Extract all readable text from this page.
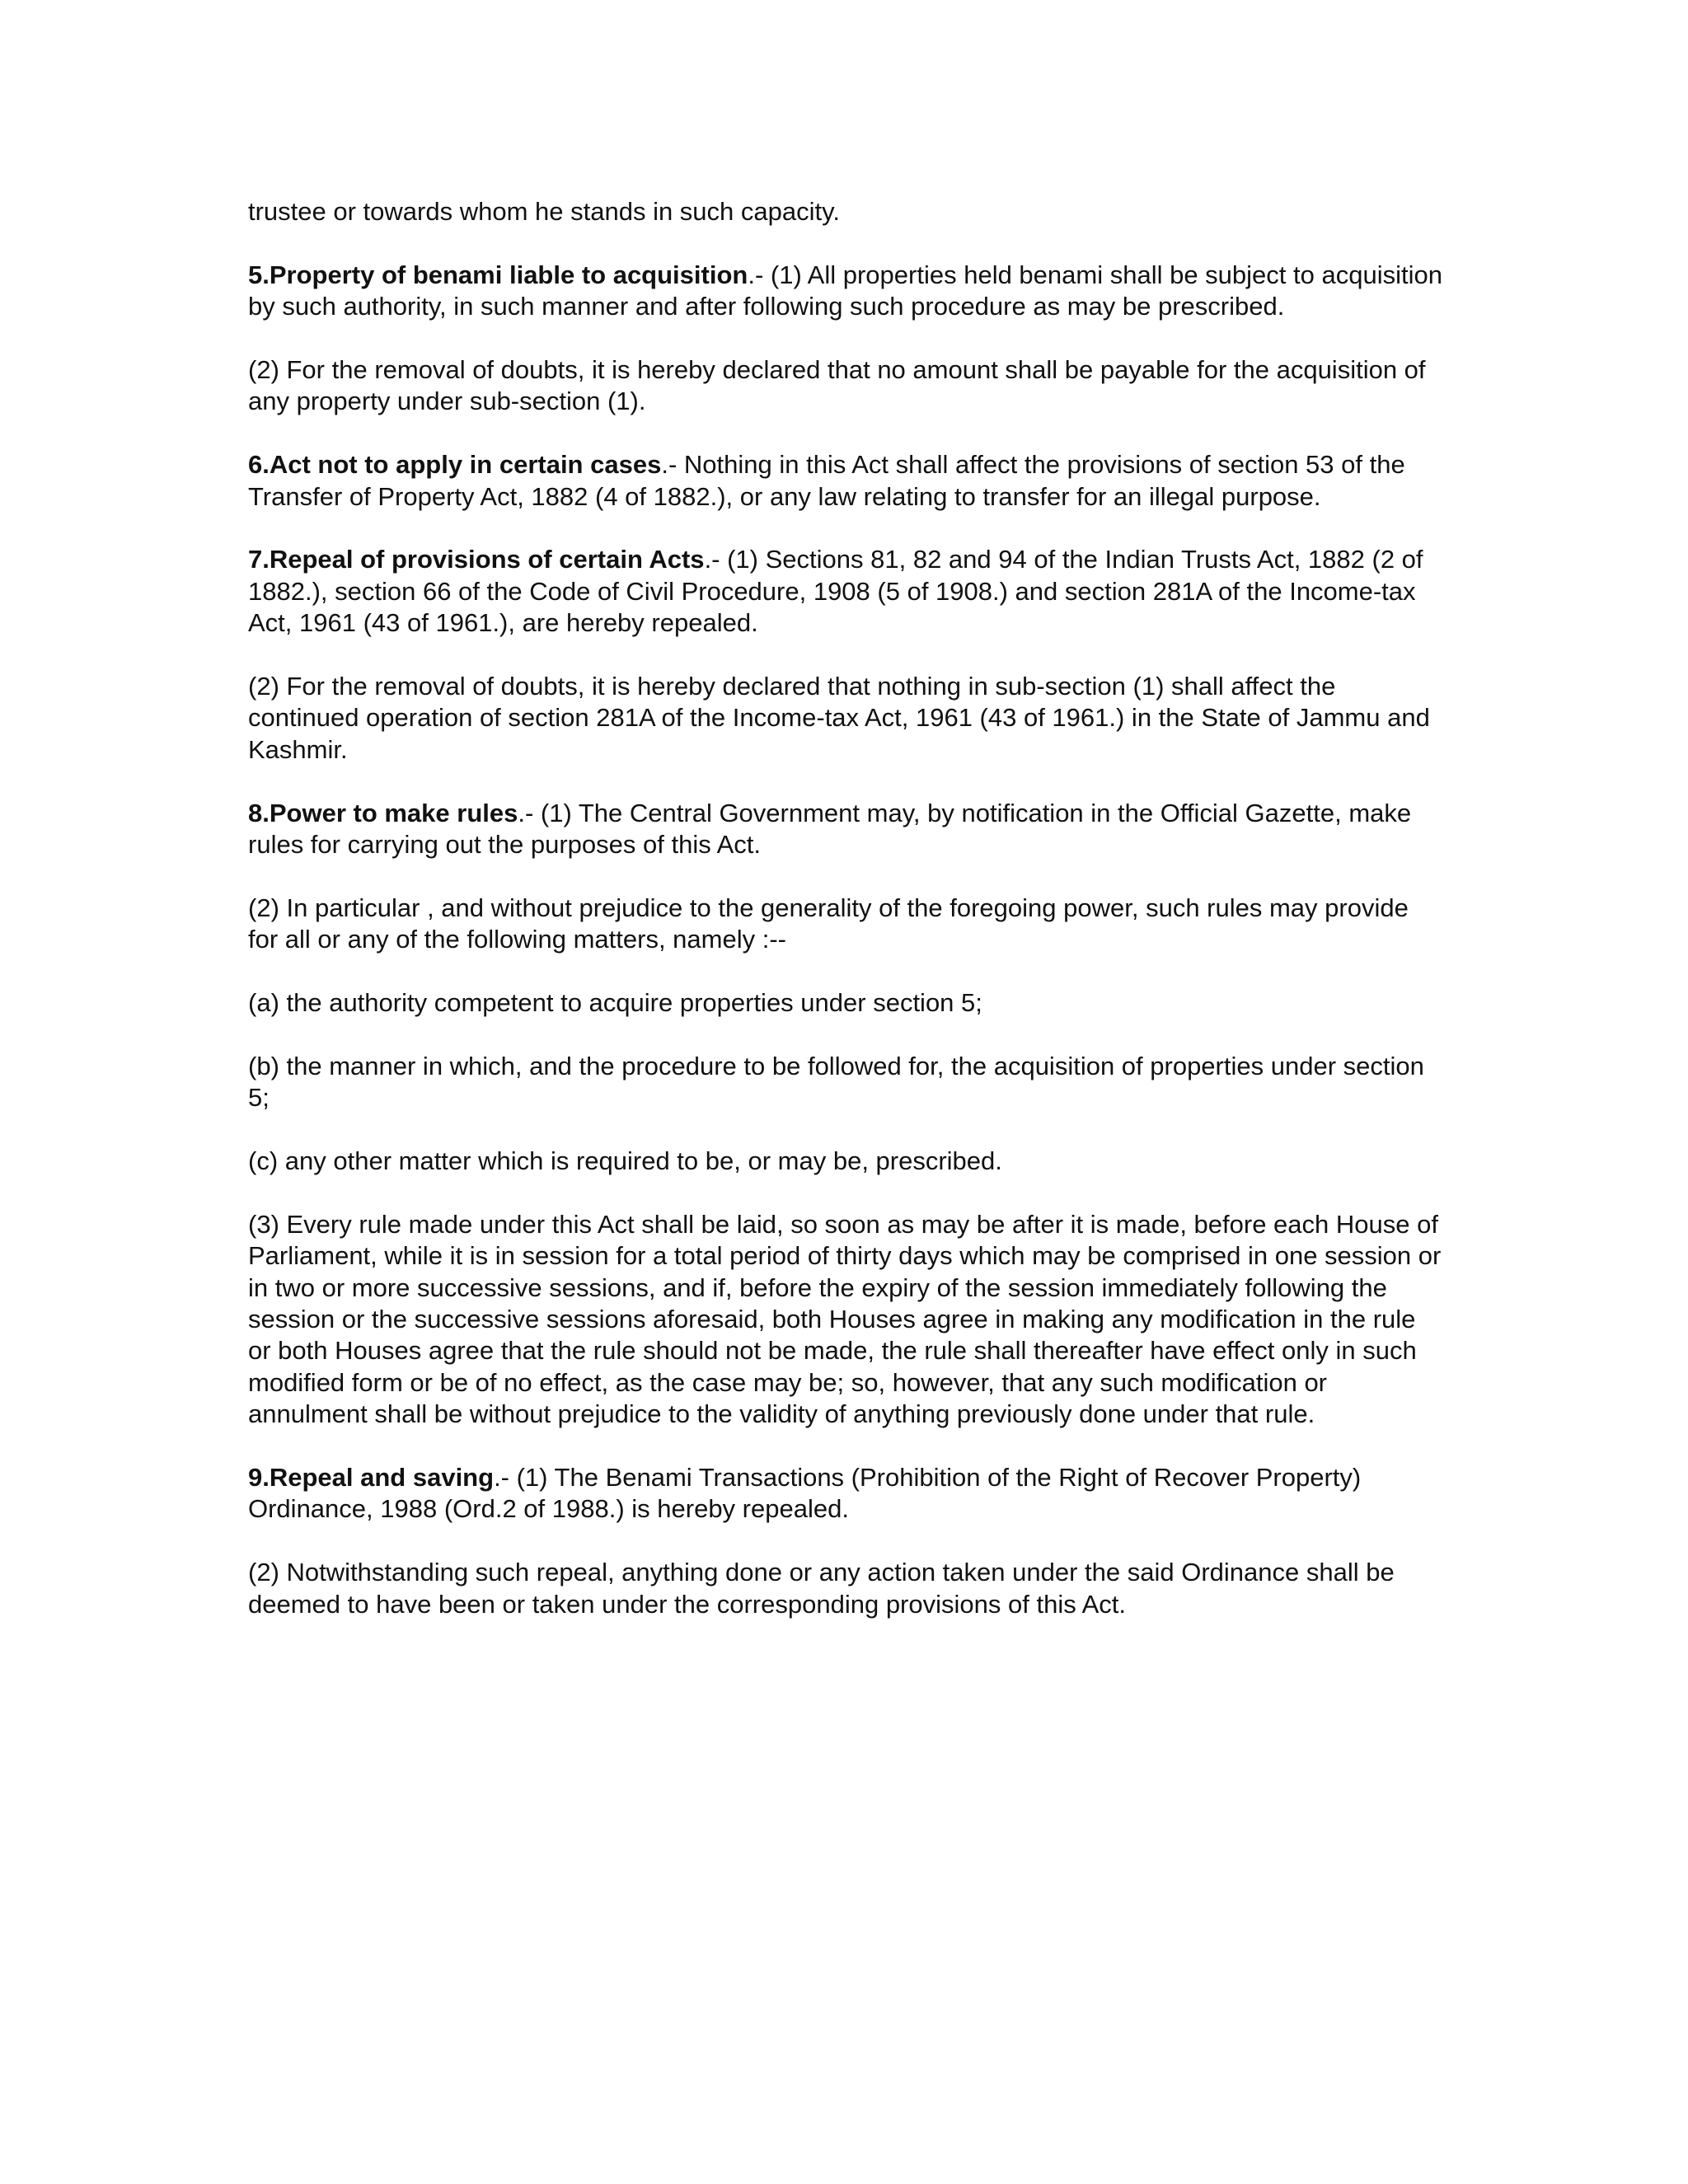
trustee or towards whom he stands in such capacity.

5.Property of benami liable to acquisition.- (1) All properties held benami shall be subject to acquisition by such authority, in such manner and after following such procedure as may be prescribed.

(2) For the removal of doubts, it is hereby declared that no amount shall be payable for the acquisition of any property under sub-section (1).

6.Act not to apply in certain cases.- Nothing in this Act shall affect the provisions of section 53 of the Transfer of Property Act, 1882 (4 of 1882.), or any law relating to transfer for an illegal purpose.

7.Repeal of provisions of certain Acts.- (1) Sections 81, 82 and 94 of the Indian Trusts Act, 1882 (2 of 1882.), section 66 of the Code of Civil Procedure, 1908 (5 of 1908.) and section 281A of the Income-tax Act, 1961 (43 of 1961.), are hereby repealed.

(2) For the removal of doubts, it is hereby declared that nothing in sub-section (1) shall affect the continued operation of section 281A of the Income-tax Act, 1961 (43 of 1961.) in the State of Jammu and Kashmir.

8.Power to make rules.- (1) The Central Government may, by notification in the Official Gazette, make rules for carrying out the purposes of this Act.

(2) In particular , and without prejudice to the generality of the foregoing power, such rules may provide for all or any of the following matters, namely :--

(a) the authority competent to acquire properties under section 5;

(b) the manner in which, and the procedure to be followed for, the acquisition of properties under section 5;

(c) any other matter which is required to be, or may be, prescribed.

(3) Every rule made under this Act shall be laid, so soon as may be after it is made, before each House of Parliament, while it is in session for a total period of thirty days which may be comprised in one session or in two or more successive sessions, and if, before the expiry of the session immediately following the session or the successive sessions aforesaid, both Houses agree in making any modification in the rule or both Houses agree that the rule should not be made, the rule shall thereafter have effect only in such modified form or be of no effect, as the case may be; so, however, that any such modification or annulment shall be without prejudice to the validity of anything previously done under that rule.

9.Repeal and saving.- (1) The Benami Transactions (Prohibition of the Right of Recover Property) Ordinance, 1988 (Ord.2 of 1988.) is hereby repealed.

(2) Notwithstanding such repeal, anything done or any action taken under the said Ordinance shall be deemed to have been or taken under the corresponding provisions of this Act.
